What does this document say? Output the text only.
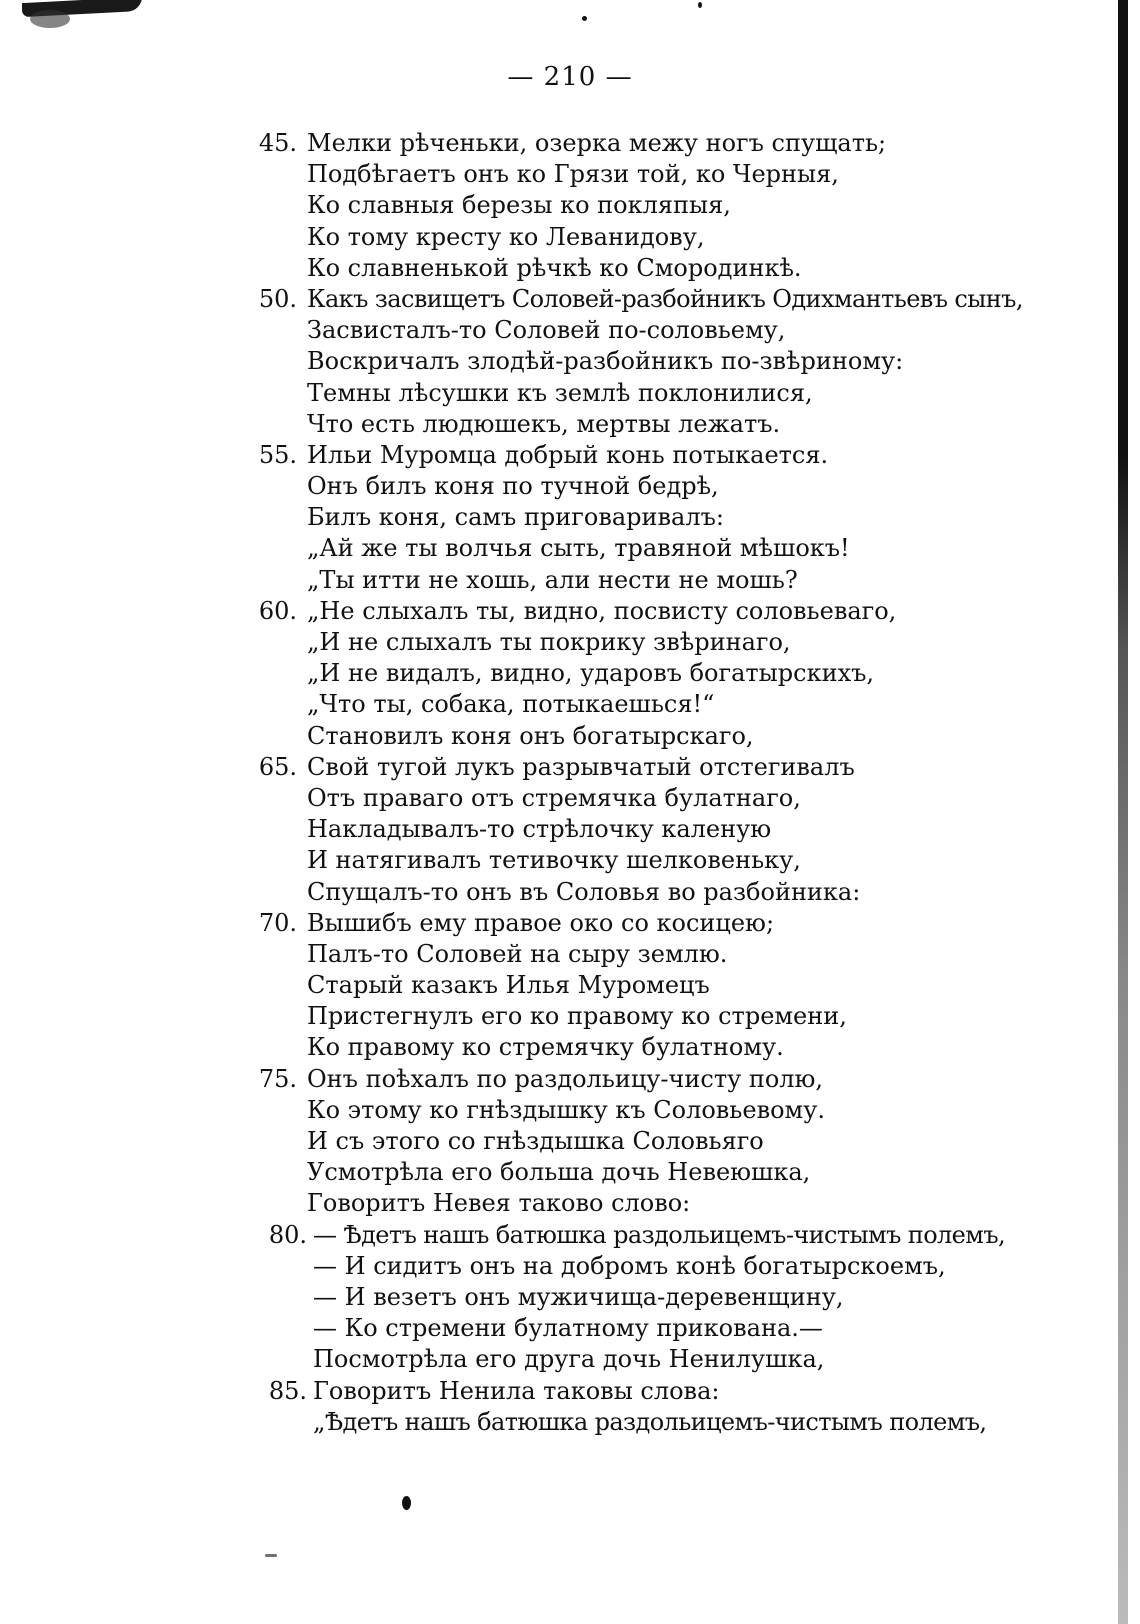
— 210 —
45. Мелки рѣченьки, озерка межу ногъ спущать;
Подбѣгаетъ онъ ко Грязи той, ко Черныя,
Ко славныя березы ко покляпыя,
Ко тому кресту ко Леванидову,
Ко славненькой рѣчкѣ ко Смородинкѣ.
50. Какъ засвищетъ Соловей-разбойникъ Одихмантьевъ сынъ,
Засвисталъ-то Соловей по-соловьему,
Воскричалъ злодѣй-разбойникъ по-звѣриному:
Темны лѣсушки къ землѣ поклонилися,
Что есть людюшекъ, мертвы лежатъ.
55. Ильи Муромца добрый конь потыкается.
Онъ билъ коня по тучной бедрѣ,
Билъ коня, самъ приговаривалъ:
„Ай же ты волчья сыть, травяной мѣшокъ!
„Ты итти не хошь, али нести не мошь?
60. „Не слыхалъ ты, видно, посвисту соловьеваго,
„И не слыхалъ ты покрику звѣринаго,
„И не видалъ, видно, ударовъ богатырскихъ,
„Что ты, собака, потыкаешься!“
Становилъ коня онъ богатырскаго,
65. Свой тугой лукъ разрывчатый отстегивалъ
Отъ праваго отъ стремячка булатнаго,
Накладывалъ-то стрѣлочку каленую
И натягивалъ тетивочку шелковеньку,
Спущалъ-то онъ въ Соловья во разбойника:
70. Вышибъ ему правое око со косицею;
Палъ-то Соловей на сыру землю.
Старый казакъ Илья Муромецъ
Пристегнулъ его ко правому ко стремени,
Ко правому ко стремячку булатному.
75. Онъ поѣхалъ по раздольицу-чисту полю,
Ко этому ко гнѣздышку къ Соловьевому.
И съ этого со гнѣздышка Соловьяго
Усмотрѣла его больша дочь Невеюшка,
Говоритъ Невея таково слово:
80. — Ѣдетъ нашъ батюшка раздольицемъ-чистымъ полемъ,
— И сидитъ онъ на добромъ конѣ богатырскоемъ,
— И везетъ онъ мужичища-деревенщину,
— Ко стремени булатному прикована.—
Посмотрѣла его друга дочь Ненилушка,
85. Говоритъ Ненила таковы слова:
„Ѣдетъ нашъ батюшка раздольицемъ-чистымъ полемъ,
